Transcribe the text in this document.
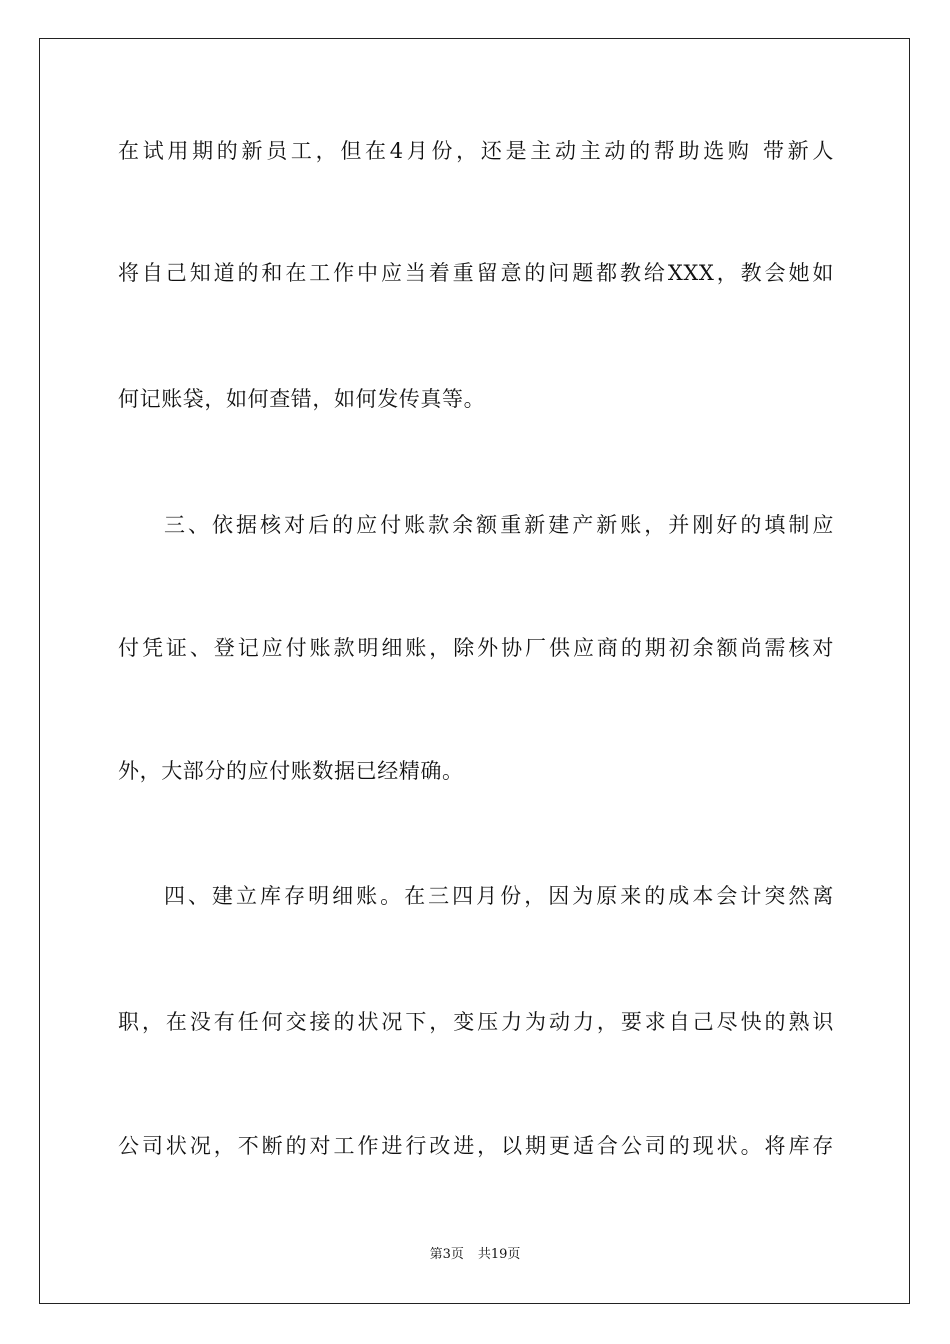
在试用期的新员工，但在4月份，还是主动主动的帮助选购 带新人
将自己知道的和在工作中应当着重留意的问题都教给XXX，教会她如
何记账袋，如何查错，如何发传真等。
三、依据核对后的应付账款余额重新建产新账，并刚好的填制应
付凭证、登记应付账款明细账，除外协厂供应商的期初余额尚需核对
外，大部分的应付账数据已经精确。
四、建立库存明细账。在三四月份，因为原来的成本会计突然离
职，在没有任何交接的状况下，变压力为动力，要求自己尽快的熟识
公司状况，不断的对工作进行改进，以期更适合公司的现状。将库存
第3页 共19页
